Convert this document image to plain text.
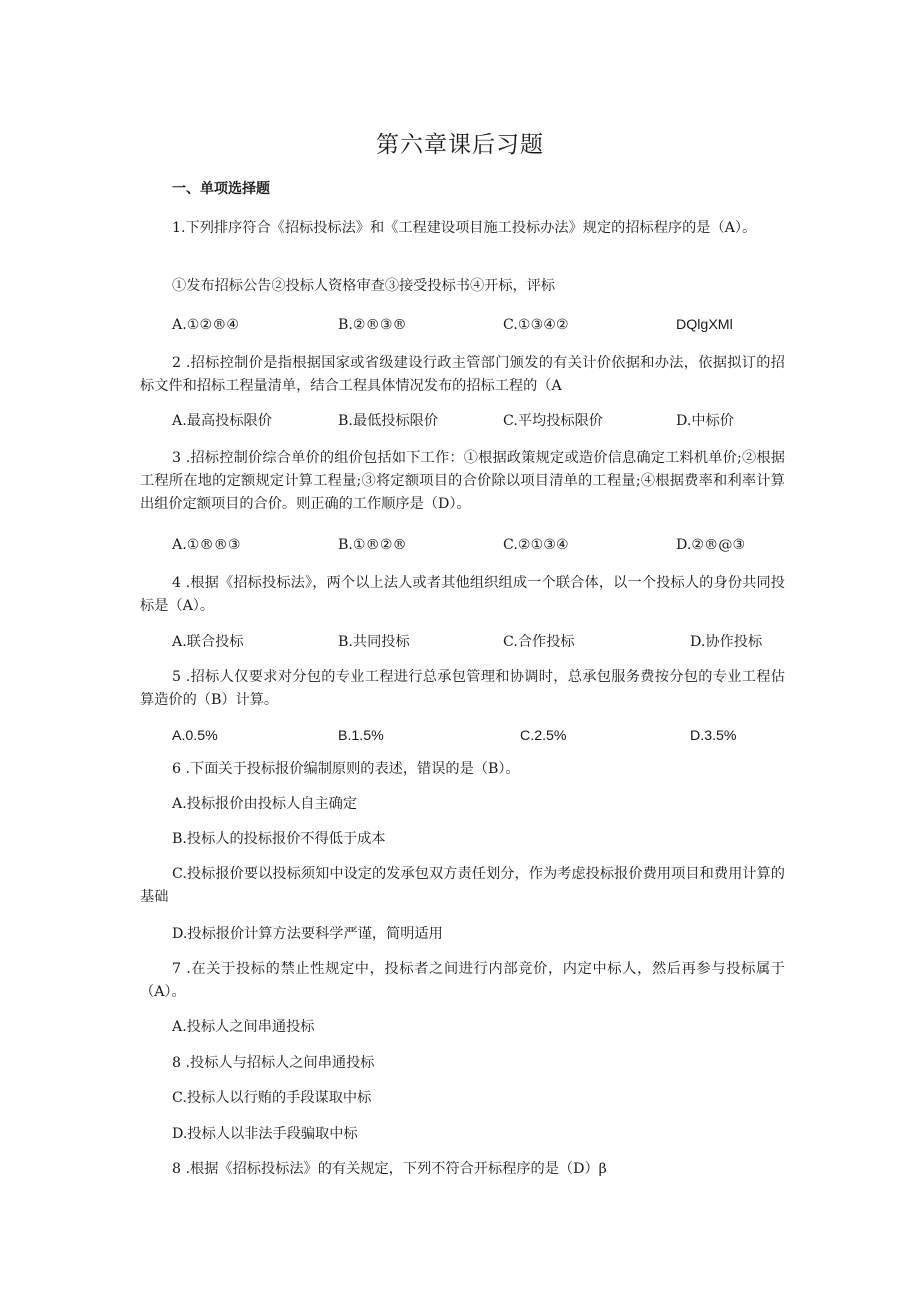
第六章课后习题
一、单项选择题
1.下列排序符合《招标投标法》和《工程建设项目施工投标办法》规定的招标程序的是（A）。
①发布招标公告②投标人资格审查③接受投标书④开标，评标
A.①②®④	B.②®③®	C.①③④②	DQlgXMl
2 .招标控制价是指根据国家或省级建设行政主管部门颁发的有关计价依据和办法，依据拟订的招标文件和招标工程量清单，结合工程具体情况发布的招标工程的（A
A.最高投标限价	B.最低投标限价	C.平均投标限价	D.中标价
3 .招标控制价综合单价的组价包括如下工作：①根据政策规定或造价信息确定工料机单价;②根据工程所在地的定额规定计算工程量;③将定额项目的合价除以项目清单的工程量;④根据费率和利率计算出组价定额项目的合价。则正确的工作顺序是（D）。
A.①®®③	B.①®②®	C.②①③④	D.②®@③
4 .根据《招标投标法》，两个以上法人或者其他组织组成一个联合体，以一个投标人的身份共同投标是（A）。
A.联合投标	B.共同投标	C.合作投标	D.协作投标
5 .招标人仅要求对分包的专业工程进行总承包管理和协调时，总承包服务费按分包的专业工程估算造价的（B）计算。
A.0.5%	B.1.5%	C.2.5%	D.3.5%
6 .下面关于投标报价编制原则的表述，错误的是（B）。
A.投标报价由投标人自主确定
B.投标人的投标报价不得低于成本
C.投标报价要以投标须知中设定的发承包双方责任划分，作为考虑投标报价费用项目和费用计算的基础
D.投标报价计算方法要科学严谨，简明适用
7 .在关于投标的禁止性规定中，投标者之间进行内部竞价，内定中标人，然后再参与投标属于（A）。
A.投标人之间串通投标
8 .投标人与招标人之间串通投标
C.投标人以行贿的手段谋取中标
D.投标人以非法手段骗取中标
8 .根据《招标投标法》的有关规定，下列不符合开标程序的是（D）β
